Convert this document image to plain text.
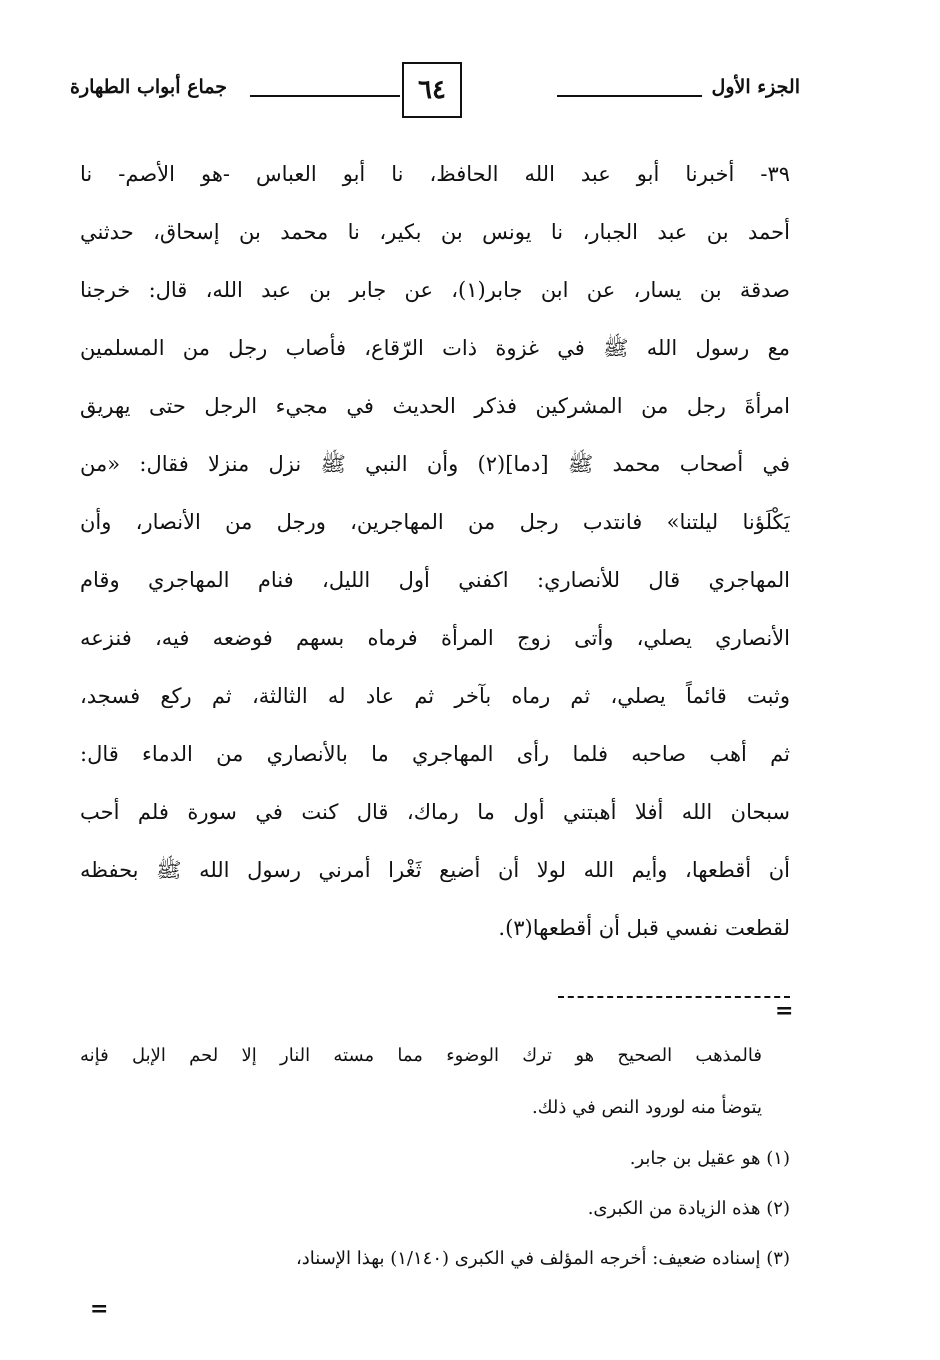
الجزء الأول
٦٤
جماع أبواب الطهارة
٣٩- أخبرنا أبو عبد الله الحافظ، نا أبو العباس -هو الأصم- نا
أحمد بن عبد الجبار، نا يونس بن بكير، نا محمد بن إسحاق، حدثني
صدقة بن يسار، عن ابن جابر(١)، عن جابر بن عبد الله، قال: خرجنا
مع رسول الله ﷺ في غزوة ذات الرّقاع، فأصاب رجل من المسلمين
امرأةَ رجل من المشركين فذكر الحديث في مجيء الرجل حتى يهريق
في أصحاب محمد ﷺ [دما](٢) وأن النبي ﷺ نزل منزلا فقال: «من
يَكْلَؤنا ليلتنا» فانتدب رجل من المهاجرين، ورجل من الأنصار، وأن
المهاجري قال للأنصاري: اكفني أول الليل، فنام المهاجري وقام
الأنصاري يصلي، وأتى زوج المرأة فرماه بسهم فوضعه فيه، فنزعه
وثبت قائماً يصلي، ثم رماه بآخر ثم عاد له الثالثة، ثم ركع فسجد،
ثم أهب صاحبه فلما رأى المهاجري ما بالأنصاري من الدماء قال:
سبحان الله أفلا أهبتني أول ما رماك، قال كنت في سورة فلم أحب
أن أقطعها، وأيم الله لولا أن أضيع ثَغْرا أمرني رسول الله ﷺ بحفظه
لقطعت نفسي قبل أن أقطعها(٣).
=
فالمذهب الصحيح هو ترك الوضوء مما مسته النار إلا لحم الإبل فإنه
يتوضأ منه لورود النص في ذلك.
(١) هو عقيل بن جابر.
(٢) هذه الزيادة من الكبرى.
(٣) إسناده ضعيف: أخرجه المؤلف في الكبرى (١/١٤٠) بهذا الإسناد،
=
